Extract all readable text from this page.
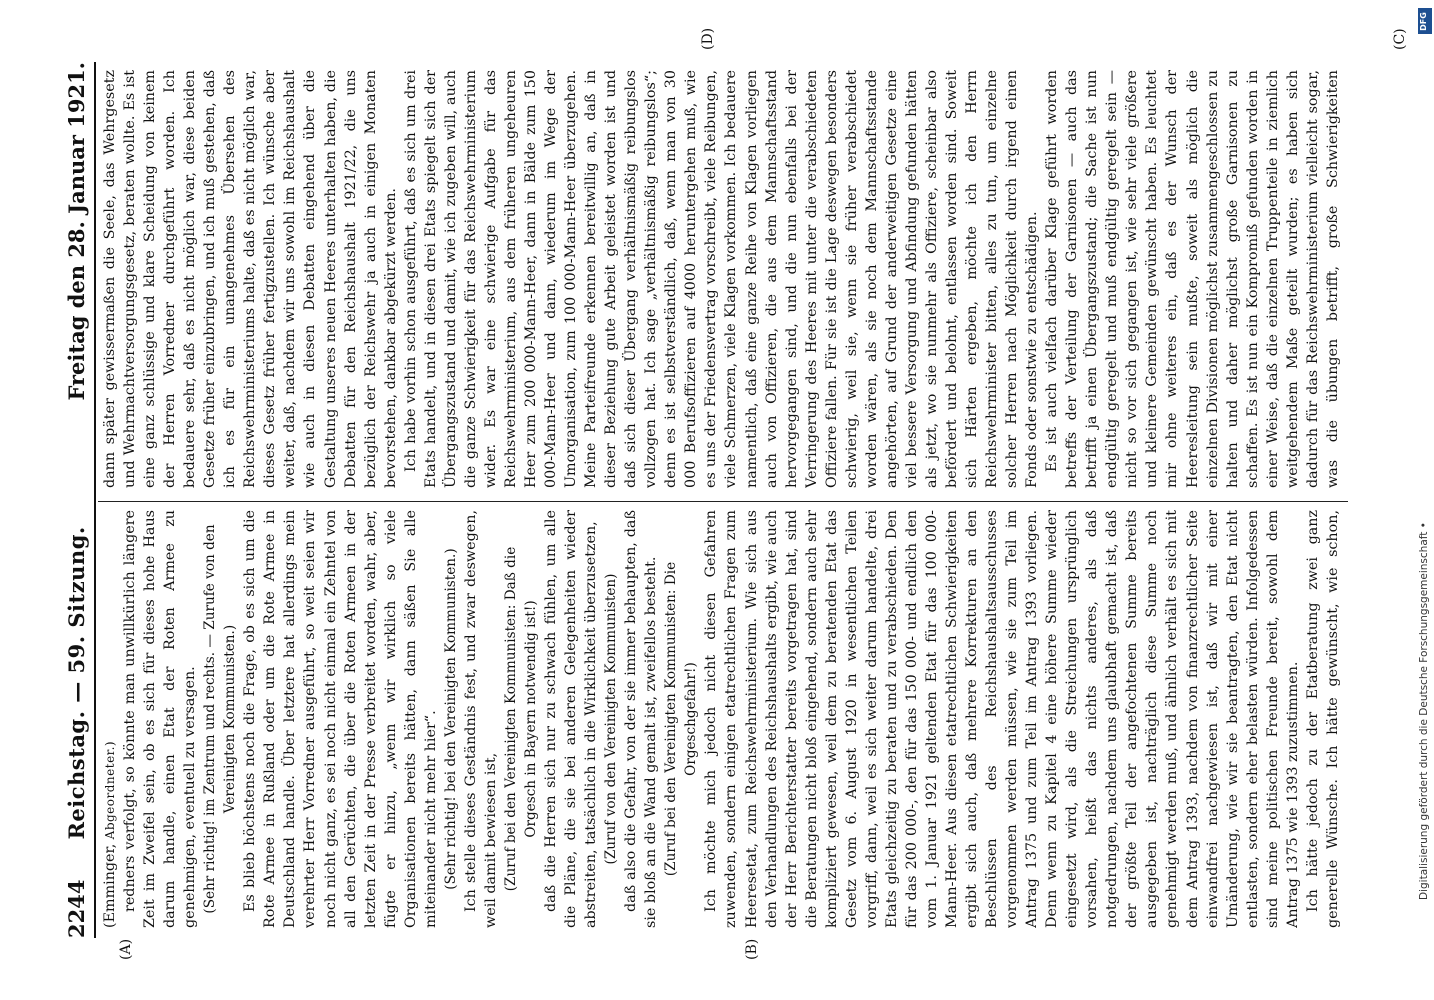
2244
Reichstag. — 59. Sitzung.
Freitag den 28. Januar 1921.
(A)	(B)
(C)
(D)

(Emminger, Abgeordneter.) redners verfolgt, so könnte man unwillkürlich längere Zeit im Zweifel sein, ob es sich für dieses hohe Haus darum handle, einen Etat der Roten Armee zu genehmigen, eventuell zu versagen. (Sehr richtig! im Zentrum und rechts. — Zurufe von den Vereinigten Kommunisten.) Es blieb höchstens noch die Frage, ob es sich um die Rote Armee in Rußland oder um die Rote Armee in Deutschland handle. Über letztere hat allerdings mein verehrter Herr Vorredner ausgeführt, so weit seien wir noch nicht ganz, es sei noch nicht einmal ein Zehntel von all den Gerüchten, die über die Roten Armeen in der letzten Zeit in der Presse verbreitet worden, wahr, aber, fügte er hinzu, „wenn wir wirklich so viele Organisationen bereits hätten, dann säßen Sie alle miteinander nicht mehr hier“. (Sehr richtig! bei den Vereinigten Kommunisten.) Ich stelle dieses Geständnis fest, und zwar deswegen, weil damit bewiesen ist, (Zuruf bei den Vereinigten Kommunisten: Daß die Orgesch in Bayern notwendig ist!) daß die Herren sich nur zu schwach fühlen, um alle die Pläne, die sie bei anderen Gelegenheiten wieder abstreiten, tatsächlich in die Wirklichkeit überzusetzen, (Zuruf von den Vereinigten Kommunisten) daß also die Gefahr, von der sie immer behaupten, daß sie bloß an die Wand gemalt ist, zweifellos besteht. (Zuruf bei den Vereinigten Kommunisten: Die Orgeschgefahr!) Ich möchte mich jedoch nicht diesen Gefahren zuwenden, sondern einigen etatrechtlichen Fragen zum Heeresetat, zum Reichswehrministerium. Wie sich aus den Verhandlungen des Reichshaushalts ergibt, wie auch der Herr Berichterstatter bereits vorgetragen hat, sind die Beratungen nicht bloß eingehend, sondern auch sehr kompliziert gewesen, weil dem zu beratenden Etat das Gesetz vom 6. August 1920 in wesentlichen Teilen vorgriff, dann, weil es sich weiter darum handelte, drei Etats gleichzeitig zu beraten und zu verabschieden. Den für das 200 000-, den für das 150 000- und endlich den vom 1. Januar 1921 geltenden Etat für das 100 000-Mann-Heer. Aus diesen etatrechtlichen Schwierigkeiten ergibt sich auch, daß mehrere Korrekturen an den Beschlüssen des Reichshaushaltsausschusses vorgenommen werden müssen, wie sie zum Teil im Antrag 1375 und zum Teil im Antrag 1393 vorliegen. Denn wenn zu Kapitel 4 eine höhere Summe wieder eingesetzt wird, als die Streichungen ursprünglich vorsahen, heißt das nichts anderes, als daß notgedrungen, nachdem uns glaubhaft gemacht ist, daß der größte Teil der angefochtenen Summe bereits ausgegeben ist, nachträglich diese Summe noch genehmigt werden muß, und ähnlich verhält es sich mit dem Antrag 1393, nachdem von finanzrechtlicher Seite einwandfrei nachgewiesen ist, daß wir mit einer Umänderung, wie wir sie beantragten, den Etat nicht entlasten, sondern eher belasten würden. Infolgedessen sind meine politischen Freunde bereit, sowohl dem Antrag 1375 wie 1393 zuzustimmen. Ich hätte jedoch zu der Etatberatung zwei ganz generelle Wünsche. Ich hätte gewünscht, wie schon,

dann später gewissermaßen die Seele, das Wehrgesetz und Wehrmachtversorgungsgesetz, beraten wollte. Es ist eine ganz schlüssige und klare Scheidung von keinem der Herren Vorredner durchgeführt worden. Ich bedauere sehr, daß es nicht möglich war, diese beiden Gesetze früher einzubringen, und ich muß gestehen, daß ich es für ein unangenehmes Übersehen des Reichswehrministeriums halte, daß es nicht möglich war, dieses Gesetz früher fertigzustellen. Ich wünsche aber weiter, daß, nachdem wir uns sowohl im Reichshaushalt wie auch in diesen Debatten eingehend über die Gestaltung unseres neuen Heeres unterhalten haben, die Debatten für den Reichshaushalt 1921/22, die uns bezüglich der Reichswehr ja auch in einigen Monaten bevorstehen, dankbar abgekürzt werden. Ich habe vorhin schon ausgeführt, daß es sich um drei Etats handelt, und in diesen drei Etats spiegelt sich der Übergangszustand und damit, wie ich zugeben will, auch die ganze Schwierigkeit für das Reichswehrministerium wider. Es war eine schwierige Aufgabe für das Reichswehrministerium, aus dem früheren ungeheuren Heer zum 200 000-Mann-Heer, dann in Bälde zum 150 000-Mann-Heer und dann, wiederum im Wege der Umorganisation, zum 100 000-Mann-Heer überzugehen. Meine Parteifreunde erkennen bereitwillig an, daß in dieser Beziehung gute Arbeit geleistet worden ist und daß sich dieser Übergang verhältnismäßig reibungslos vollzogen hat. Ich sage „verhältnismäßig reibungslos“; denn es ist selbstverständlich, daß, wenn man von 30 000 Berufsoffizieren auf 4000 heruntergehen muß, wie es uns der Friedensvertrag vorschreibt, viele Reibungen, viele Schmerzen, viele Klagen vorkommen. Ich bedauere namentlich, daß eine ganze Reihe von Klagen vorliegen auch von Offizieren, die aus dem Mannschaftsstand hervorgegangen sind, und die nun ebenfalls bei der Verringerung des Heeres mit unter die verabschiedeten Offiziere fallen. Für sie ist die Lage deswegen besonders schwierig, weil sie, wenn sie früher verabschiedet worden wären, als sie noch dem Mannschaftsstande angehörten, auf Grund der anderweitigen Gesetze eine viel bessere Versorgung und Abfindung gefunden hätten als jetzt, wo sie nunmehr als Offiziere, scheinbar also befördert und belohnt, entlassen worden sind. Soweit sich Härten ergeben, möchte ich den Herrn Reichswehrminister bitten, alles zu tun, um einzelne solcher Herren nach Möglichkeit durch irgend einen Fonds oder sonstwie zu entschädigen. Es ist auch vielfach darüber Klage geführt worden betreffs der Verteilung der Garnisonen — auch das betrifft ja einen Übergangszustand; die Sache ist nun endgültig geregelt und muß endgültig geregelt sein — nicht so vor sich gegangen ist, wie sehr viele größere und kleinere Gemeinden gewünscht haben. Es leuchtet mir ohne weiteres ein, daß es der Wunsch der Heeresleitung sein mußte, soweit als möglich die einzelnen Divisionen möglichst zusammengeschlossen zu halten und daher möglichst große Garnisonen zu schaffen. Es ist nun ein Kompromiß gefunden worden in einer Weise, daß die einzelnen Truppenteile in ziemlich weitgehendem Maße geteilt wurden; es haben sich dadurch für das Reichswehrministerium vielleicht sogar, was die übungen betrifft, große Schwierigkeiten

Digitalisierung gefördert durch die Deutsche Forschungsgemeinschaft •
DFG
